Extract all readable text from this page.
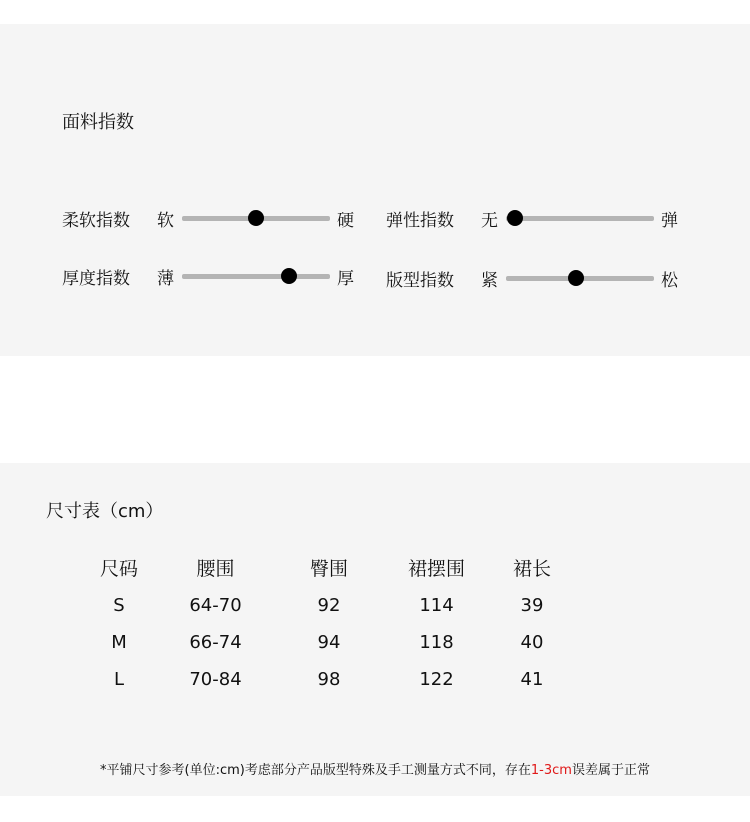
面料指数
柔软指数 软	硬 弹性指数 无	弹
厚度指数 薄	厚 版型指数 紧	松
尺寸表（cm）
尺码	腰围	臀围	裙摆围	裙长
S	64-70	92	114	39
M	66-74	94	118	40
L	70-84	98	122	41
*平铺尺寸参考(单位:cm)考虑部分产品版型特殊及手工测量方式不同，存在1-3cm误差属于正常
